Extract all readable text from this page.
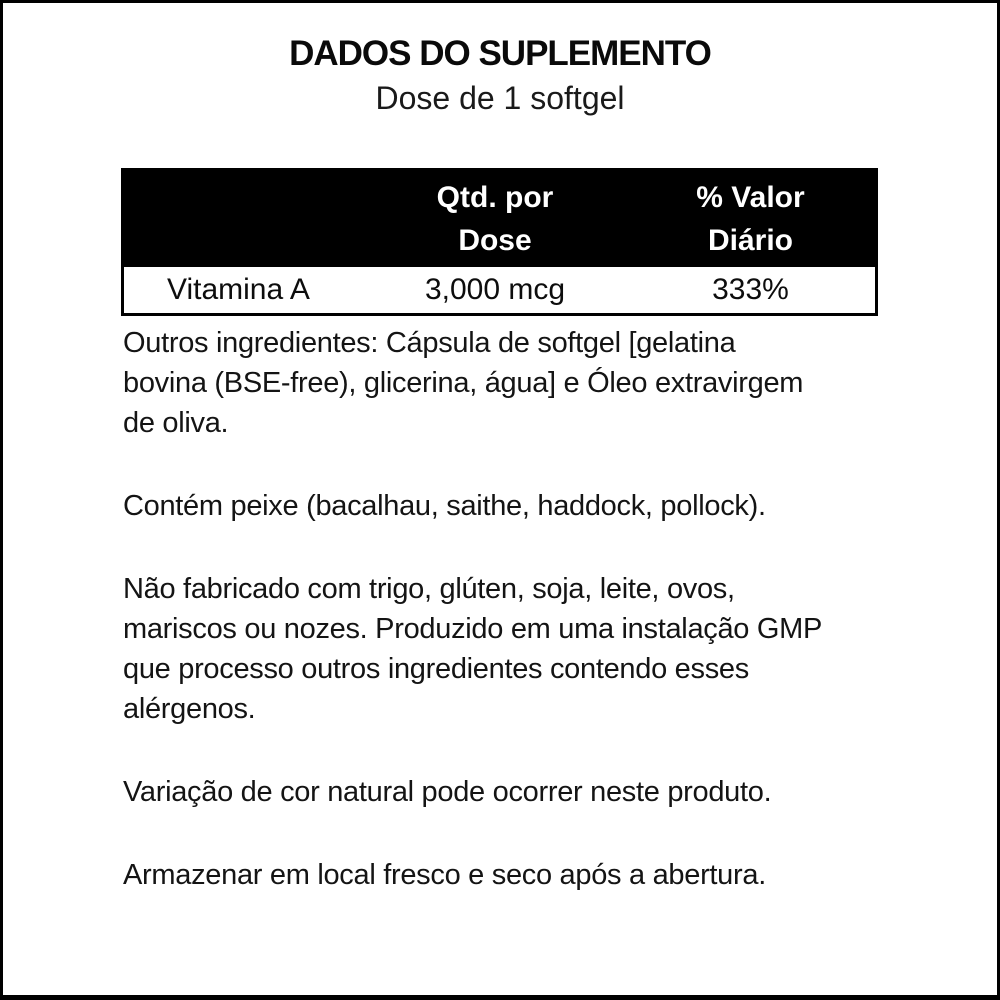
DADOS DO SUPLEMENTO
Dose de 1 softgel
Qtd. por
Dose
% Valor
Diário
Vitamina A	3,000 mcg	333%
Outros ingredientes: Cápsula de softgel [gelatina
bovina (BSE-free), glicerina, água] e Óleo extravirgem
de oliva.
Contém peixe (bacalhau, saithe, haddock, pollock).
Não fabricado com trigo, glúten, soja, leite, ovos,
mariscos ou nozes. Produzido em uma instalação GMP
que processo outros ingredientes contendo esses
alérgenos.
Variação de cor natural pode ocorrer neste produto.
Armazenar em local fresco e seco após a abertura.
